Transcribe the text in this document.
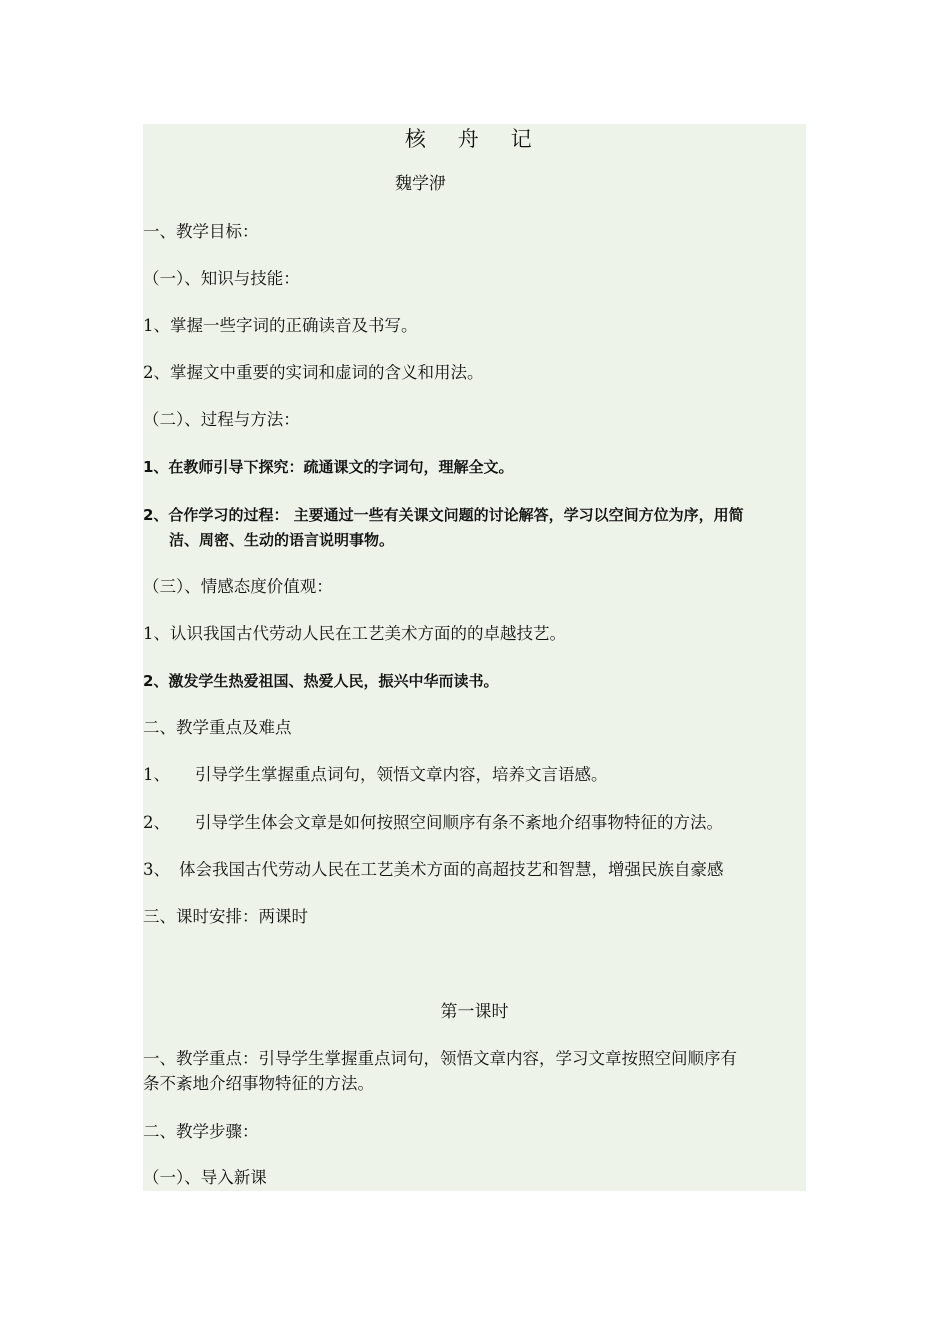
核 舟 记
魏学洢
一、教学目标：
（一）、知识与技能：
1、掌握一些字词的正确读音及书写。
2、掌握文中重要的实词和虚词的含义和用法。
（二）、过程与方法：
1、在教师引导下探究：疏通课文的字词句，理解全文。
2、合作学习的过程： 主要通过一些有关课文问题的讨论解答，学习以空间方位为序，用简
洁、周密、生动的语言说明事物。
（三）、情感态度价值观：
1、认识我国古代劳动人民在工艺美术方面的的卓越技艺。
2、激发学生热爱祖国、热爱人民，振兴中华而读书。
二、教学重点及难点
1、 引导学生掌握重点词句，领悟文章内容，培养文言语感。
2、 引导学生体会文章是如何按照空间顺序有条不紊地介绍事物特征的方法。
3、 体会我国古代劳动人民在工艺美术方面的高超技艺和智慧，增强民族自豪感
三、课时安排：两课时
第一课时
一、教学重点：引导学生掌握重点词句，领悟文章内容，学习文章按照空间顺序有
条不紊地介绍事物特征的方法。
二、教学步骤：
（一）、导入新课
